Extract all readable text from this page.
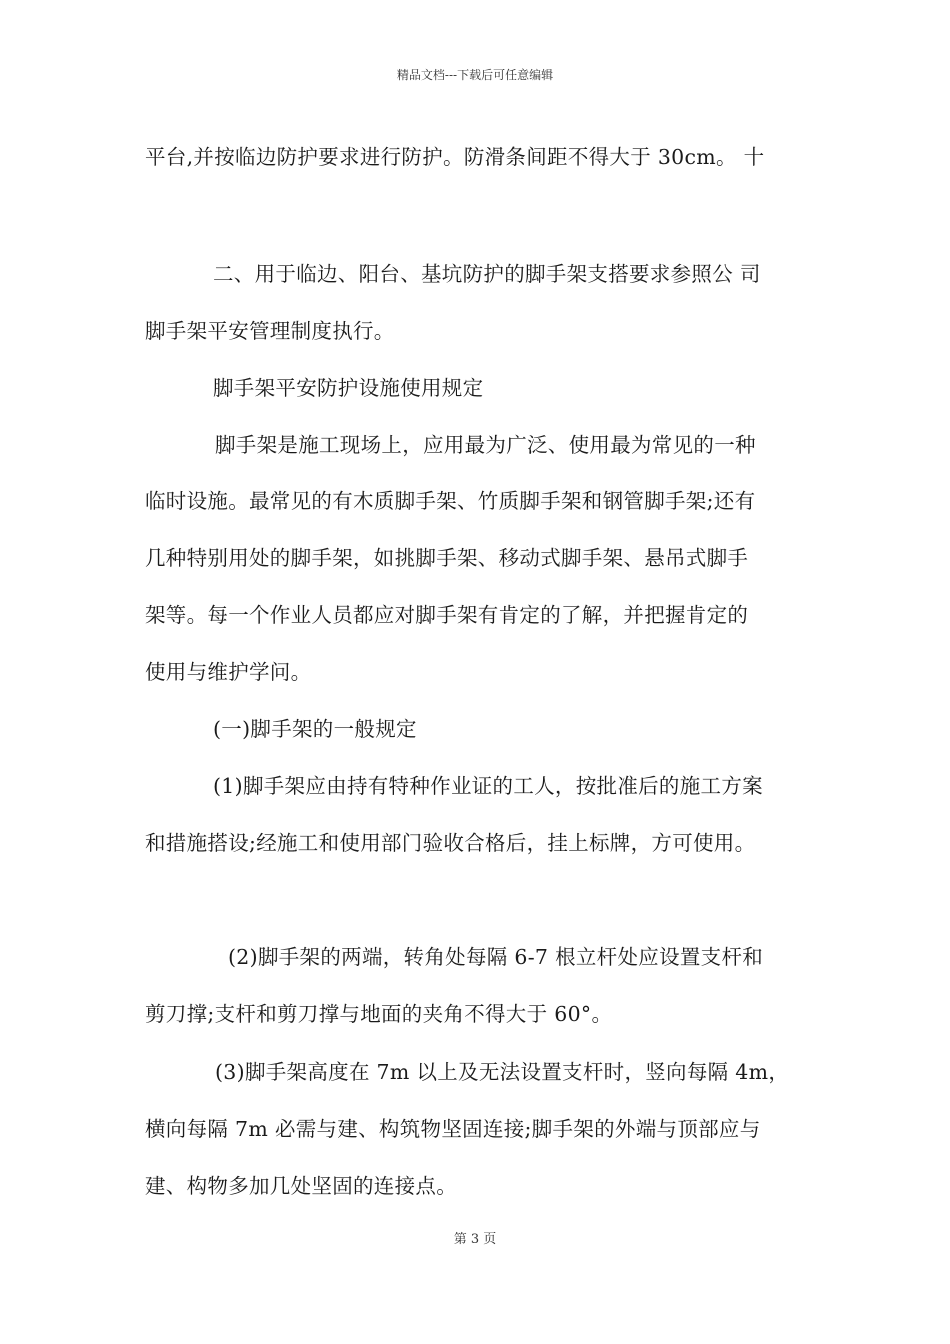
精品文档---下载后可任意编辑
平台,并按临边防护要求进行防护。防滑条间距不得大于 30cm。 十
二、用于临边、阳台、基坑防护的脚手架支搭要求参照公 司
脚手架平安管理制度执行。
脚手架平安防护设施使用规定
脚手架是施工现场上，应用最为广泛、使用最为常见的一种
临时设施。最常见的有木质脚手架、竹质脚手架和钢管脚手架;还有
几种特别用处的脚手架，如挑脚手架、移动式脚手架、悬吊式脚手
架等。每一个作业人员都应对脚手架有肯定的了解，并把握肯定的
使用与维护学问。
(一)脚手架的一般规定
(1)脚手架应由持有特种作业证的工人，按批准后的施工方案
和措施搭设;经施工和使用部门验收合格后，挂上标牌，方可使用。
(2)脚手架的两端，转角处每隔 6-7 根立杆处应设置支杆和
剪刀撑;支杆和剪刀撑与地面的夹角不得大于 60°。
(3)脚手架高度在 7m 以上及无法设置支杆时，竖向每隔 4m，
横向每隔 7m 必需与建、构筑物坚固连接;脚手架的外端与顶部应与
建、构物多加几处坚固的连接点。
第 3 页
